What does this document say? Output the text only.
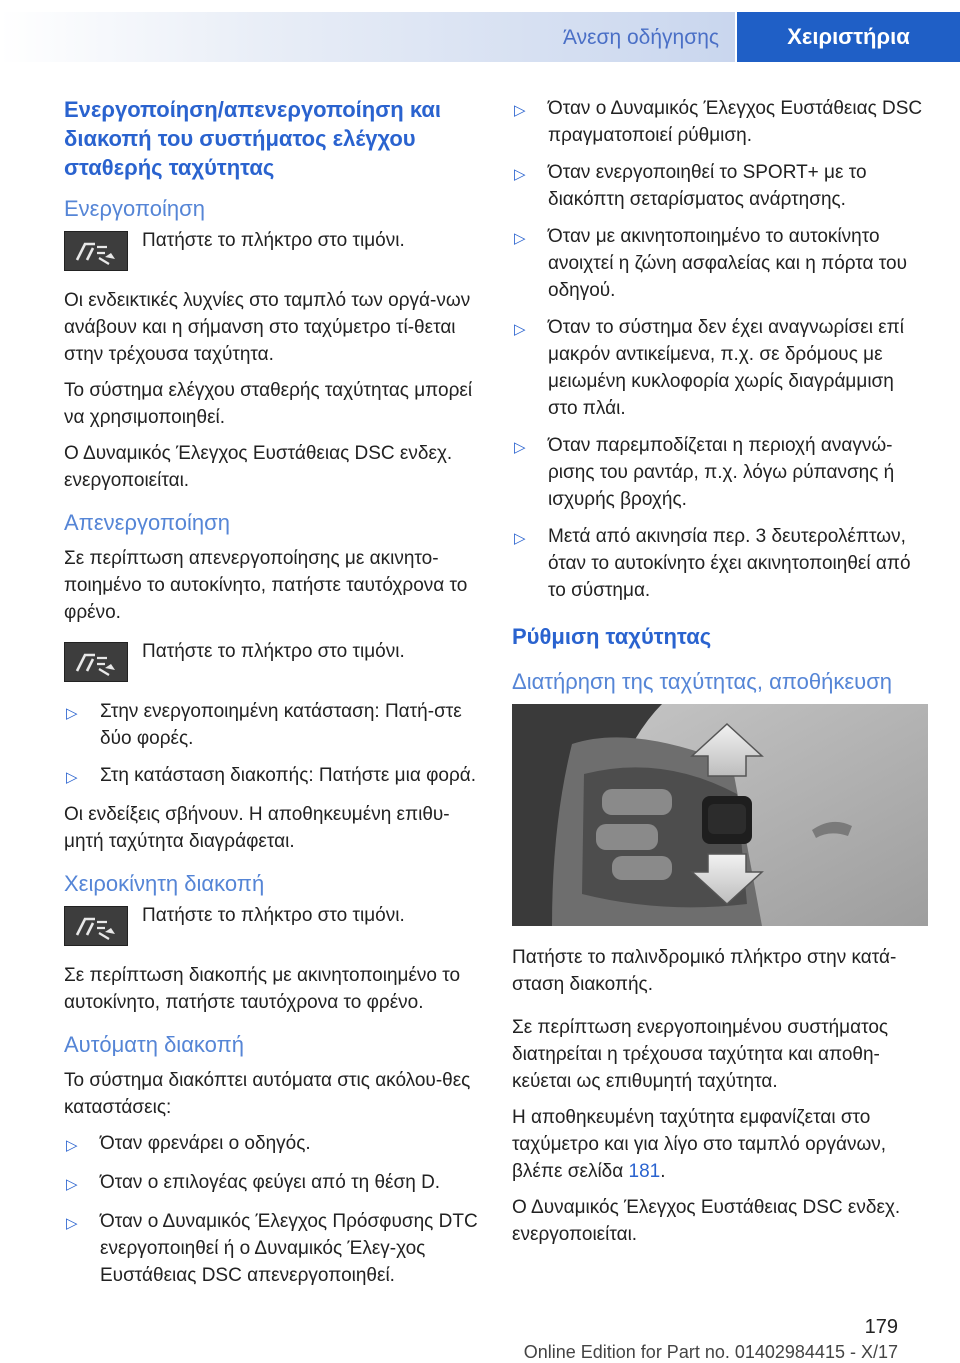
Άνεση οδήγησης	Χειριστήρια
Ενεργοποίηση/απενεργοποίηση και διακοπή του συστήματος ελέγχου σταθερής ταχύτητας
Ενεργοποίηση
Πατήστε το πλήκτρο στο τιμόνι.

Οι ενδεικτικές λυχνίες στο ταμπλό των οργά-νων ανάβουν και η σήμανση στο ταχύμετρο τί-θεται στην τρέχουσα ταχύτητα.

Το σύστημα ελέγχου σταθερής ταχύτητας μπορεί να χρησιμοποιηθεί.

Ο Δυναμικός Έλεγχος Ευστάθειας DSC ενδεχ. ενεργοποιείται.

Απενεργοποίηση

Σε περίπτωση απενεργοποίησης με ακινητο-ποιημένο το αυτοκίνητο, πατήστε ταυτόχρονα το φρένο.

Πατήστε το πλήκτρο στο τιμόνι.
▷	Στην ενεργοποιημένη κατάσταση: Πατή-στε δύο φορές.
▷	Στη κατάσταση διακοπής: Πατήστε μια φορά.

Οι ενδείξεις σβήνουν. Η αποθηκευμένη επιθυ-μητή ταχύτητα διαγράφεται.

Χειροκίνητη διακοπή
Πατήστε το πλήκτρο στο τιμόνι.

Σε περίπτωση διακοπής με ακινητοποιημένο το αυτοκίνητο, πατήστε ταυτόχρονα το φρένο.

Αυτόματη διακοπή

Το σύστημα διακόπτει αυτόματα στις ακόλου-θες καταστάσεις:

▷	Όταν φρενάρει ο οδηγός.
▷	Όταν ο επιλογέας φεύγει από τη θέση D.
▷	Όταν ο Δυναμικός Έλεγχος Πρόσφυσης DTC ενεργοποιηθεί ή ο Δυναμικός Έλεγ-χος Ευστάθειας DSC απενεργοποιηθεί.
▷	Όταν ο Δυναμικός Έλεγχος Ευστάθειας DSC πραγματοποιεί ρύθμιση.
▷	Όταν ενεργοποιηθεί το SPORT+ με το διακόπτη σεταρίσματος ανάρτησης.
▷	Όταν με ακινητοποιημένο το αυτοκίνητο ανοιχτεί η ζώνη ασφαλείας και η πόρτα του οδηγού.
▷	Όταν το σύστημα δεν έχει αναγνωρίσει επί μακρόν αντικείμενα, π.χ. σε δρόμους με μειωμένη κυκλοφορία χωρίς διαγράμμιση στο πλάι.
▷	Όταν παρεμποδίζεται η περιοχή αναγνώ-ρισης του ραντάρ, π.χ. λόγω ρύπανσης ή ισχυρής βροχής.
▷	Μετά από ακινησία περ. 3 δευτερολέπτων, όταν το αυτοκίνητο έχει ακινητοποιηθεί από το σύστημα.
Ρύθμιση ταχύτητας
Διατήρηση της ταχύτητας, αποθήκευση

Πατήστε το παλινδρομικό πλήκτρο στην κατά-σταση διακοπής.

Σε περίπτωση ενεργοποιημένου συστήματος διατηρείται η τρέχουσα ταχύτητα και αποθη-κεύεται ως επιθυμητή ταχύτητα.

Η αποθηκευμένη ταχύτητα εμφανίζεται στο ταχύμετρο και για λίγο στο ταμπλό οργάνων, βλέπε σελίδα 181.

Ο Δυναμικός Έλεγχος Ευστάθειας DSC ενδεχ. ενεργοποιείται.

179
Online Edition for Part no. 01402984415 - X/17
